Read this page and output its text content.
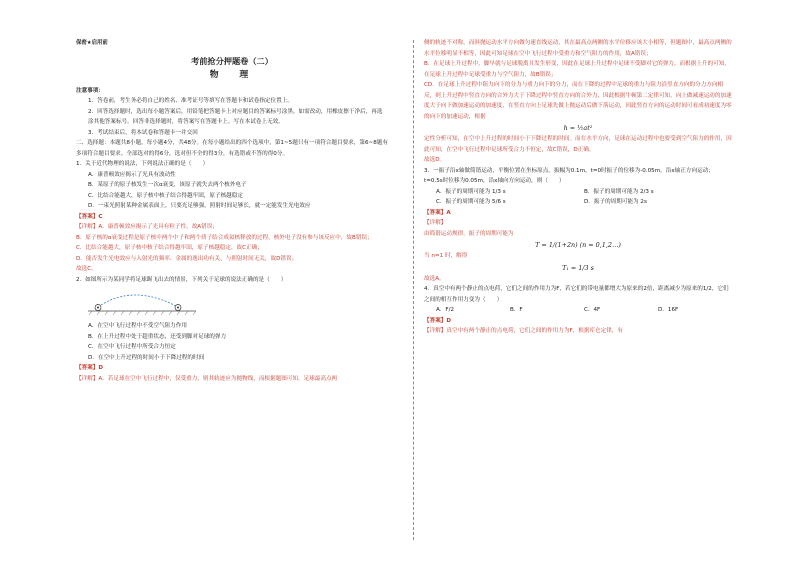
保密★启用前

考前抢分押题卷（二）

物　理

注意事项：

1．答卷前，考生务必将自己的姓名、准考证号等填写在答题卡和试卷指定位置上。

2．回答选择题时，选出每小题答案后，用铅笔把答题卡上对应题目的答案标号涂黑。如需改动，用橡皮擦干净后，再选涂其他答案标号。回答非选择题时，将答案写在答题卡上。写在本试卷上无效。

3．考试结束后，将本试卷和答题卡一并交回

二、选择题：本题共8小题，每小题4分，共48分。在每小题给出的四个选项中，第1~5题只有一项符合题目要求，第6~8题有多项符合题目要求。全部选对的得6分，选对但不全的得3分，有选错或不答的得0分。

1．关于近代物理的说法，下列说法正确的是（　　）

A．康普顿效应揭示了光具有波动性

B．某原子的原子核发生一次α衰变，该原子就失去两个核外电子

C．比结合能越大，原子核中核子结合得越牢固，原子核越稳定

D．一束光照射某种金属表面上，只要光足够强，照射时间足够长，就一定能发生光电效应

【答案】C

【详解】A．康普顿效应揭示了光具有粒子性，故A错误；

B．原子核的α衰变过程是原子核中两个中子和两个质子结合成氦核释放的过程，核外电子没有参与该反应中，故B错误；

C．比结合能越大，原子核中核子结合得越牢固，原子核越稳定，故C正确；

D．能否发生光电效应与入射光的频率、金属的逸出功有关，与照射时间无关，故D错误；

故选C。

2．如图所示为某同学将足球踢飞出去的情景，下列关于足球的说法正确的是（　　）

A．在空中飞行过程中不受空气阻力作用

B．在上升过程中处于超重状态，还受到脚对足球的弹力

C．在空中飞行过程中所受合力恒定

D．在空中上升过程的时间小于下降过程的时间

【答案】D

【详解】A．若足球在空中飞行过程中，仅受重力，则其轨迹应为抛物线，而根据题图可知，足球最高点两

侧的轨迹不对称，而斜抛运动水平方向做匀速直线运动，其在最高点两侧的水平位移应该大小相等，但题图中，最高点两侧的水平位移明显不相等，因此可知足球在空中飞行过程中受重力和空气阻力的作用，故A错误；

B．在足球上升过程中，脚早就与足球脱离且发生形变，因此在足球上升过程中足球不受脚对它的弹力，而根据上升的可知，在足球上升过程中足球受重力与空气阻力，故B错误；

CD．在足球上升过程中阻力向下的分力与重力向下的分力，而在下降的过程中足球的重力与阻力沿竖直方向的分力方向相反，则上升过程中竖直方向的合外力大于下降过程中竖直方向的合外力，因此根据牛顿第二定律可知，向上做减速运动的加速度大于向下做加速运动的加速度，在竖直方向上足球先做上抛运动后做下落运动，因此竖直方向的运动时间可看成初速度为零的向下的加速运动，根据

h = ½at²

定性分析可知，在空中上升过程的时间小于下降过程的时间。而在水平方向，足球在运动过程中也要受到空气阻力的作用，因此可知，在空中飞行过程中足球所受合力不恒定，故C错误，D正确。

故选D。

3．一振子沿x轴做简谐运动，平衡位置在坐标原点。振幅为0.1m，t=0时振子的位移为-0.05m，沿x轴正方向运动；t=0.5s时位移为0.05m，沿x轴向方向运动，则（　　）

A．振子的周期可能为 1/3 s	B．振子的周期可能为 2/3 s
C．振子的周期可能为 5/6 s	D．振子的周期可能为 2s

【答案】A

【详解】

由简谐运动规律，振子的周期可能为

T = 1/(1+2n) (n = 0,1,2…)

当 n=1 时，解得

T₁ = 1/3 s

故选A。

4．真空中有两个静止的点电荷，它们之间的作用力为F，若它们的带电量都增大为原来的2倍，距离减少为原来的1/2，它们之间的相互作用力变为（　　）

A．F/2	B．F	C．4F	D．16F

【答案】D

【详解】真空中有两个静止的点电荷，它们之间的作用力为F，根据库仑定律，有
